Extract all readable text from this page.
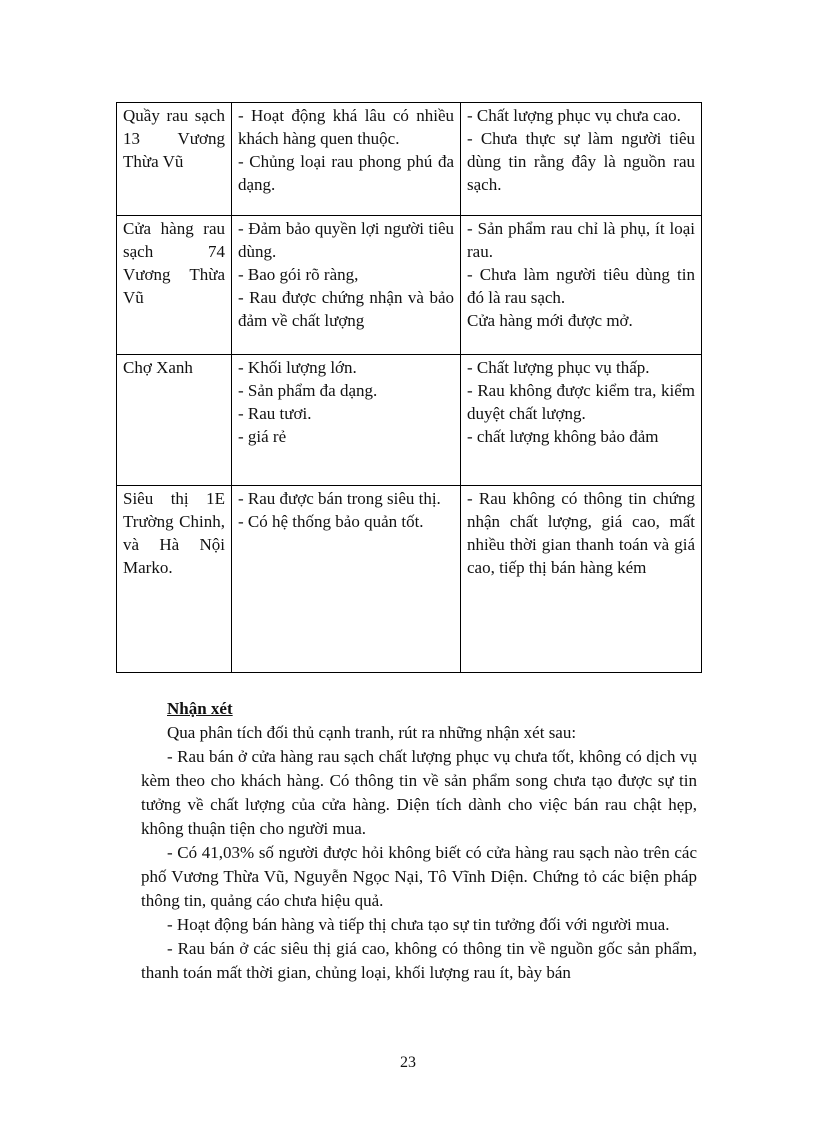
Quầy rau sạch 13 Vương Thừa Vũ	- Hoạt động khá lâu có nhiều khách hàng quen thuộc.
- Chủng loại rau phong phú đa dạng.	- Chất lượng phục vụ chưa cao.
- Chưa thực sự làm người tiêu dùng tin rằng đây là nguồn rau sạch.

Cửa hàng rau sạch 74 Vương Thừa Vũ	- Đảm bảo quyền lợi người tiêu dùng.
- Bao gói rõ ràng,
- Rau được chứng nhận và bảo đảm về chất lượng	- Sản phẩm rau chỉ là phụ, ít loại rau.
- Chưa làm người tiêu dùng tin đó là rau sạch.
Cửa hàng mới được mở.

Chợ Xanh	- Khối lượng lớn.
- Sản phẩm đa dạng.
- Rau tươi.
- giá rẻ	- Chất lượng phục vụ thấp.
- Rau không được kiểm tra, kiểm duyệt chất lượng.
- chất lượng không bảo đảm

Siêu thị 1E Trường Chinh, và Hà Nội Marko.	- Rau được bán trong siêu thị.
- Có hệ thống bảo quản tốt.	- Rau không có thông tin chứng nhận chất lượng, giá cao, mất nhiều thời gian thanh toán và giá cao, tiếp thị bán hàng kém
Nhận xét

Qua phân tích đối thủ cạnh tranh, rút ra những nhận xét sau:

- Rau bán ở cửa hàng rau sạch chất lượng phục vụ chưa tốt, không có dịch vụ kèm theo cho khách hàng. Có thông tin về sản phẩm song chưa tạo được sự tin tưởng về chất lượng của cửa hàng. Diện tích dành cho việc bán rau chật hẹp, không thuận tiện cho người mua.

- Có 41,03% số người được hỏi không biết có cửa hàng rau sạch nào trên các phố Vương Thừa Vũ, Nguyễn Ngọc Nại, Tô Vĩnh Diện. Chứng tỏ các biện pháp thông tin, quảng cáo chưa hiệu quả.

- Hoạt động bán hàng và tiếp thị chưa tạo sự tin tưởng đối với người mua.

- Rau bán ở các siêu thị giá cao, không có thông tin về nguồn gốc sản phẩm, thanh toán mất thời gian, chủng loại, khối lượng rau ít, bày bán

23
